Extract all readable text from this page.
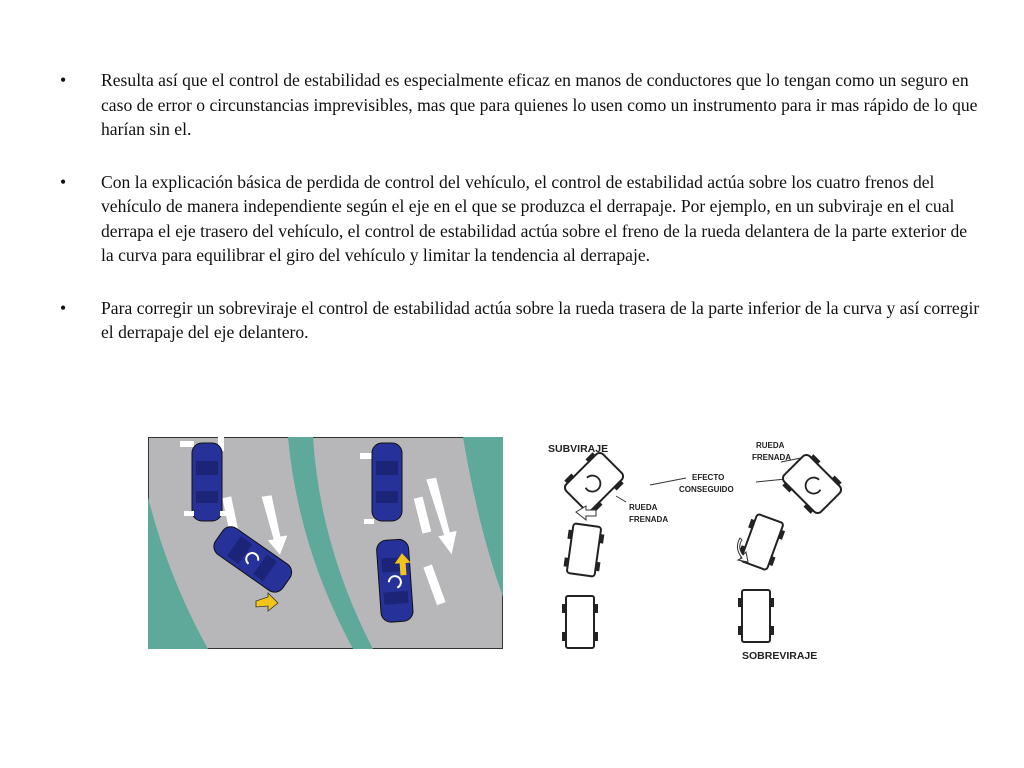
• Resulta así que el control de estabilidad es especialmente eficaz en manos de conductores que lo tengan como un seguro en caso de error o circunstancias imprevisibles, mas que para quienes lo usen como un instrumento para ir mas rápido de lo que harían sin el.
• Con la explicación básica de perdida de control del vehículo, el control de estabilidad actúa sobre los cuatro frenos del vehículo de manera independiente según el eje en el que se produzca el derrapaje. Por ejemplo, en un subviraje en el cual derrapa el eje trasero del vehículo, el control de estabilidad actúa sobre el freno de la rueda delantera de la parte exterior de la curva para equilibrar el giro del vehículo y limitar la tendencia al derrapaje.
• Para corregir un sobreviraje el control de estabilidad actúa sobre la rueda trasera de la parte inferior de la curva y así corregir el derrapaje del eje delantero.
SUBVIRAJE
SOBREVIRAJE
RUEDA
FRENADA
RUEDA
FRENADA
EFECTO
CONSEGUIDO
